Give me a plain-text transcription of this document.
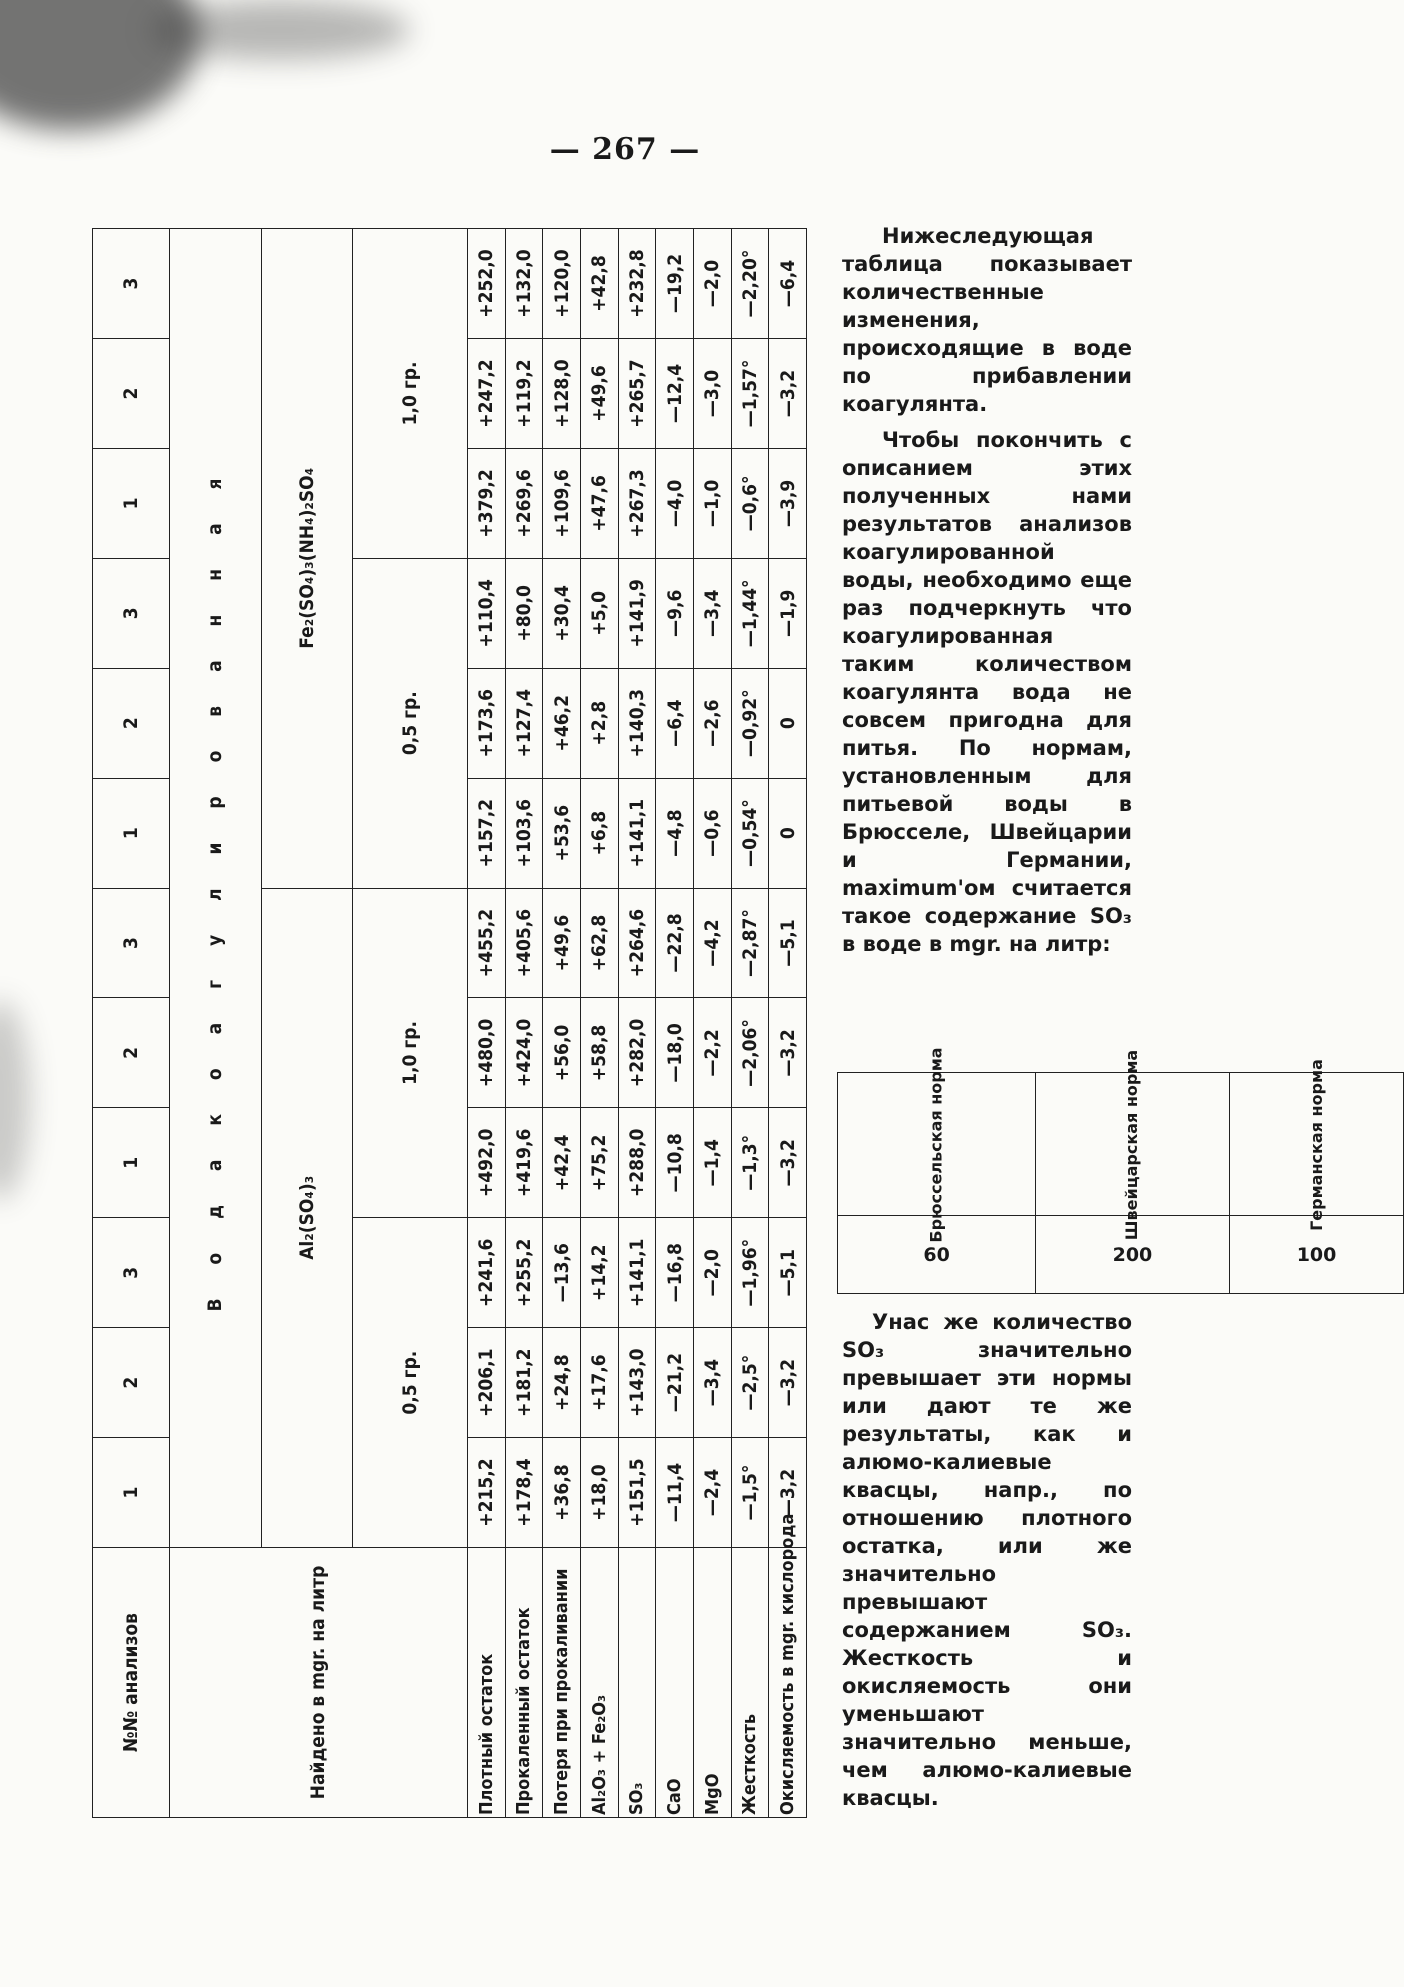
— 267 —
№№ анализов	1	2	3	1	2	3	1	2	3	1	2	3
Найдено в mgr. на литр	В о д а к о а г у л и р о в а н н а я											
	Al₂(SO₄)₃						Fe₂(SO₄)₃(NH₄)₂SO₄					
	0,5 гр.			1,0 гр.			0,5 гр.			1,0 гр.		
Плотный остаток	+215,2	+206,1	+241,6	+492,0	+480,0	+455,2	+157,2	+173,6	+110,4	+379,2	+247,2	+252,0
Прокаленный остаток	+178,4	+181,2	+255,2	+419,6	+424,0	+405,6	+103,6	+127,4	+80,0	+269,6	+119,2	+132,0
Потеря при прокаливании	+36,8	+24,8	—13,6	+42,4	+56,0	+49,6	+53,6	+46,2	+30,4	+109,6	+128,0	+120,0
Al₂O₃ + Fe₂O₃	+18,0	+17,6	+14,2	+75,2	+58,8	+62,8	+6,8	+2,8	+5,0	+47,6	+49,6	+42,8
SO₃	+151,5	+143,0	+141,1	+288,0	+282,0	+264,6	+141,1	+140,3	+141,9	+267,3	+265,7	+232,8
CaO	—11,4	—21,2	—16,8	—10,8	—18,0	—22,8	—4,8	—6,4	—9,6	—4,0	—12,4	—19,2
MgO	—2,4	—3,4	—2,0	—1,4	—2,2	—4,2	—0,6	—2,6	—3,4	—1,0	—3,0	—2,0
Жесткость	—1,5°	—2,5°	—1,96°	—1,3°	—2,06°	—2,87°	—0,54°	—0,92°	—1,44°	—0,6°	—1,57°	—2,20°
Окисляемость в mgr. кислорода	—3,2	—3,2	—5,1	—3,2	—3,2	—5,1	0	0	—1,9	—3,9	—3,2	—6,4

Нижеследующая таблица показывает количественные изменения, происходящие в воде по прибавлении коагулянта.

Чтобы покончить с описанием этих полученных нами результатов анализов коагулированной воды, необходимо еще раз подчеркнуть что коагулированная таким количеством коагулянта вода не совсем пригодна для питья. По нормам, установленным для питьевой воды в Брюсселе, Швейцарии и Германии, maximum'ом считается такое содержание SO₃ в воде в mgr. на литр:

Брюссельская норма	Швейцарская норма	Германская норма
60	200	100

Унас же количество SO₃ значительно превышает эти нормы или дают те же результаты, как и алюмо-калиевые квасцы, напр., по отношению плотного остатка, или же значительно превышают содержанием SO₃. Жесткость и окисляемость они уменьшают значительно меньше, чем алюмо-калиевые квасцы.
